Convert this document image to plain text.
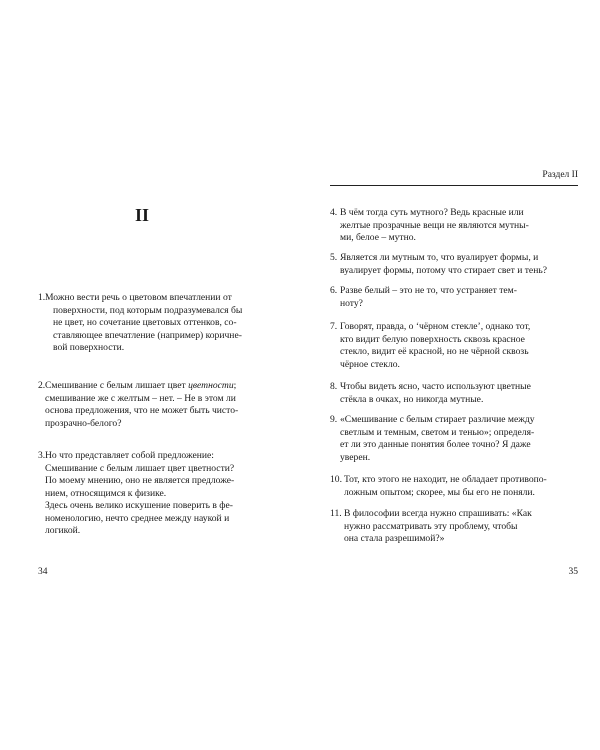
II
1. Можно вести речь о цветовом впечатлении от
поверхности, под которым подразумевался бы
не цвет, но сочетание цветовых оттенков, со-
ставляющее впечатление (например) коричне-
вой поверхности.
2. Смешивание с белым лишает цвет цветности;
смешивание же с желтым – нет. – Не в этом ли
основа предложения, что не может быть чисто-
прозрачно-белого?
3. Но что представляет собой предложение:
Смешивание с белым лишает цвет цветности?
По моему мнению, оно не является предложе-
нием, относящимся к физике.
Здесь очень велико искушение поверить в фе-
номенологию, нечто среднее между наукой и
логикой.
34
Раздел II
4. В чём тогда суть мутного? Ведь красные или
желтые прозрачные вещи не являются мутны-
ми, белое – мутно.
5. Является ли мутным то, что вуалирует формы, и
вуалирует формы, потому что стирает свет и тень?
6. Разве белый – это не то, что устраняет тем-
ноту?
7. Говорят, правда, о ‘чёрном стекле’, однако тот,
кто видит белую поверхность сквозь красное
стекло, видит её красной, но не чёрной сквозь
чёрное стекло.
8. Чтобы видеть ясно, часто используют цветные
стёкла в очках, но никогда мутные.
9. «Смешивание с белым стирает различие между
светлым и темным, светом и тенью»; определя-
ет ли это данные понятия более точно? Я даже
уверен.
10. Тот, кто этого не находит, не обладает противопо-
ложным опытом; скорее, мы бы его не поняли.
11. В философии всегда нужно спрашивать: «Как
нужно рассматривать эту проблему, чтобы
она стала разрешимой?»
35
